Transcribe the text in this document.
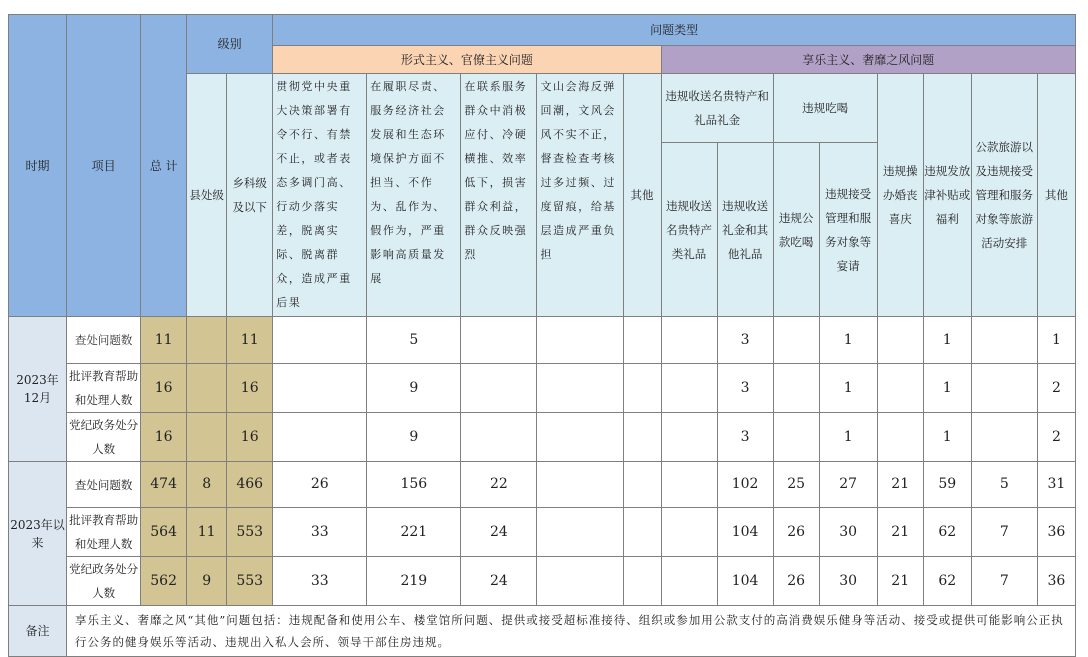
时期	项目	总 计	级别		问题类型												
					形式主义、官僚主义问题					享乐主义、奢靡之风问题							
			县处级	乡科级及以下	贯彻党中央重大决策部署有令不行、有禁不止，或者表态多调门高、行动少落实差，脱离实际、脱离群众，造成严重后果	在履职尽责、服务经济社会发展和生态环境保护方面不担当、不作为、乱作为、假作为，严重影响高质量发展	在联系服务群众中消极应付、冷硬横推、效率低下，损害群众利益，群众反映强烈	文山会海反弹回潮，文风会风不实不正，督查检查考核过多过频、过度留痕，给基层造成严重负担	其他	违规收送名贵特产和礼品礼金		违规吃喝		违规操办婚丧喜庆	违规发放津补贴或福利	公款旅游以及违规接受管理和服务对象等旅游活动安排	其他
										违规收送名贵特产类礼品	违规收送礼金和其他礼品	违规公款吃喝	违规接受管理和服务对象等宴请				
2023年12月	查处问题数	11		11		5					3		1		1		1
	批评教育帮助和处理人数	16		16		9					3		1		1		2
	党纪政务处分人数	16		16		9					3		1		1		2
2023年以来	查处问题数	474	8	466	26	156	22				102	25	27	21	59	5	31
	批评教育帮助和处理人数	564	11	553	33	221	24				104	26	30	21	62	7	36
	党纪政务处分人数	562	9	553	33	219	24				104	26	30	21	62	7	36
备注	享乐主义、奢靡之风“其他”问题包括：违规配备和使用公车、楼堂馆所问题、提供或接受超标准接待、组织或参加用公款支付的高消费娱乐健身等活动、接受或提供可能影响公正执行公务的健身娱乐等活动、违规出入私人会所、领导干部住房违规。																
